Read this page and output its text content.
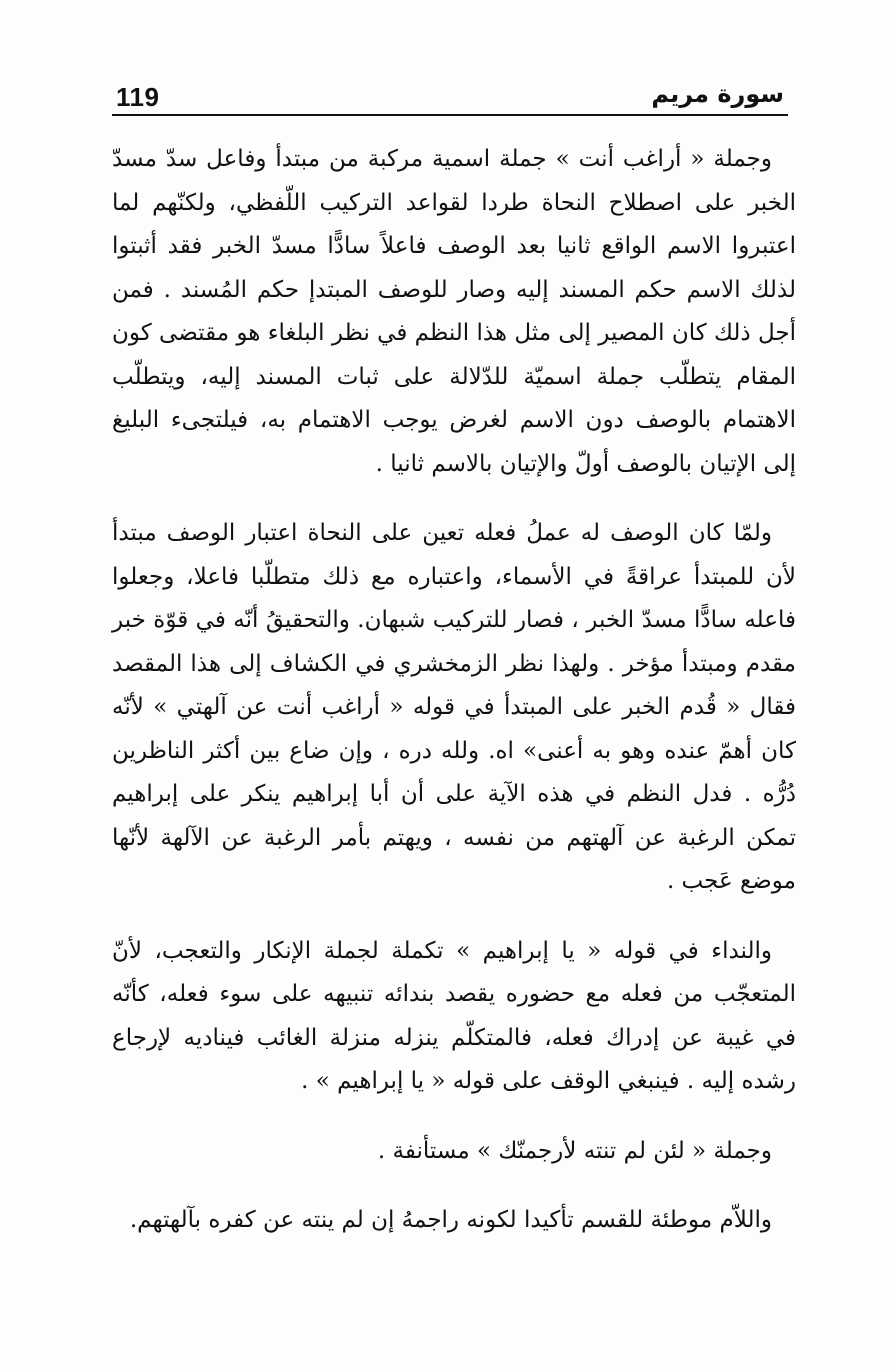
119	سورة مريم

وجملة « أراغب أنت » جملة اسمية مركبة من مبتدأ وفاعل سدّ مسدّ الخبر على اصطلاح النحاة طردا لقواعد التركيب اللّفظي، ولكنّهم لما اعتبروا الاسم الواقع ثانيا بعد الوصف فاعلاً سادًّا مسدّ الخبر فقد أثبتوا لذلك الاسم حكم المسند إليه وصار للوصف المبتدإ حكم المُسند . فمن أجل ذلك كان المصير إلى مثل هذا النظم في نظر البلغاء هو مقتضى كون المقام يتطلّب جملة اسميّة للدّلالة على ثبات المسند إليه، ويتطلّب الاهتمام بالوصف دون الاسم لغرض يوجب الاهتمام به، فيلتجىء البليغ إلى الإتيان بالوصف أولّ والإتيان بالاسم ثانيا .

ولمّا كان الوصف له عملُ فعله تعين على النحاة اعتبار الوصف مبتدأ لأن للمبتدأ عراقةً في الأسماء، واعتباره مع ذلك متطلّبا فاعلا، وجعلوا فاعله سادًّا مسدّ الخبر ، فصار للتركيب شبهان. والتحقيقُ أنّه في قوّة خبر مقدم ومبتدأ مؤخر . ولهذا نظر الزمخشري في الكشاف إلى هذا المقصد فقال « قُدم الخبر على المبتدأ في قوله « أراغب أنت عن آلهتي » لأنّه كان أهمّ عنده وهو به أعنى» اه. ولله دره ، وإن ضاع بين أكثر الناظرين دُرُّه . فدل النظم في هذه الآية على أن أبا إبراهيم ينكر على إبراهيم تمكن الرغبة عن آلهتهم من نفسه ، ويهتم بأمر الرغبة عن الآلهة لأنّها موضع عَجب .

والنداء في قوله « يا إبراهيم » تكملة لجملة الإنكار والتعجب، لأنّ المتعجّب من فعله مع حضوره يقصد بندائه تنبيهه على سوء فعله، كأنّه في غيبة عن إدراك فعله، فالمتكلّم ينزله منزلة الغائب فيناديه لإرجاع رشده إليه . فينبغي الوقف على قوله « يا إبراهيم » .

وجملة « لئن لم تنته لأرجمنّك » مستأنفة .

واللاّم موطئة للقسم تأكيدا لكونه راجمهُ إن لم ينته عن كفره بآلهتهم.
